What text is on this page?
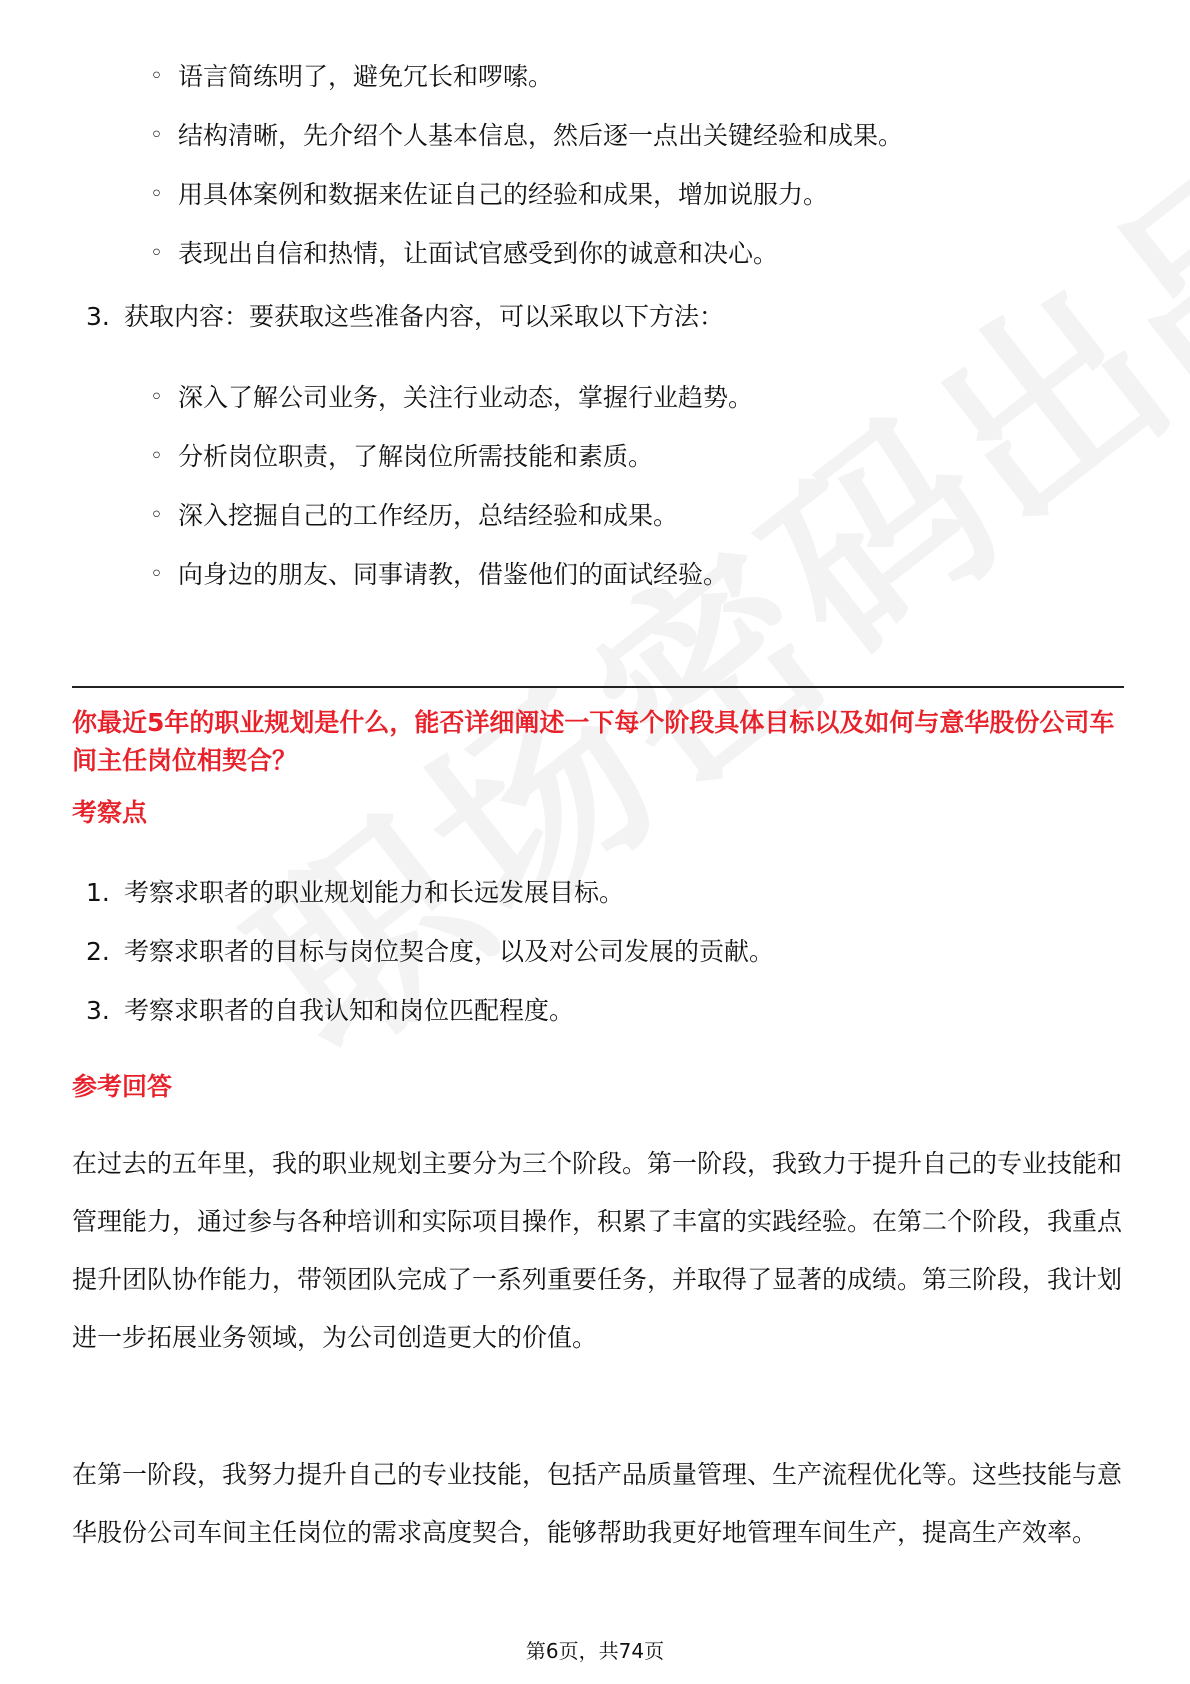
◦ 语言简练明了，避免冗长和啰嗦。
◦ 结构清晰，先介绍个人基本信息，然后逐一点出关键经验和成果。
◦ 用具体案例和数据来佐证自己的经验和成果，增加说服力。
◦ 表现出自信和热情，让面试官感受到你的诚意和决心。
3. 获取内容：要获取这些准备内容，可以采取以下方法：
◦ 深入了解公司业务，关注行业动态，掌握行业趋势。
◦ 分析岗位职责，了解岗位所需技能和素质。
◦ 深入挖掘自己的工作经历，总结经验和成果。
◦ 向身边的朋友、同事请教，借鉴他们的面试经验。

你最近5年的职业规划是什么，能否详细阐述一下每个阶段具体目标以及如何与意华股份公司车间主任岗位相契合？

考察点

1. 考察求职者的职业规划能力和长远发展目标。
2. 考察求职者的目标与岗位契合度，以及对公司发展的贡献。
3. 考察求职者的自我认知和岗位匹配程度。

参考回答

在过去的五年里，我的职业规划主要分为三个阶段。第一阶段，我致力于提升自己的专业技能和管理能力，通过参与各种培训和实际项目操作，积累了丰富的实践经验。在第二个阶段，我重点提升团队协作能力，带领团队完成了一系列重要任务，并取得了显著的成绩。第三阶段，我计划进一步拓展业务领域，为公司创造更大的价值。

在第一阶段，我努力提升自己的专业技能，包括产品质量管理、生产流程优化等。这些技能与意华股份公司车间主任岗位的需求高度契合，能够帮助我更好地管理车间生产，提高生产效率。

第6页，共74页
